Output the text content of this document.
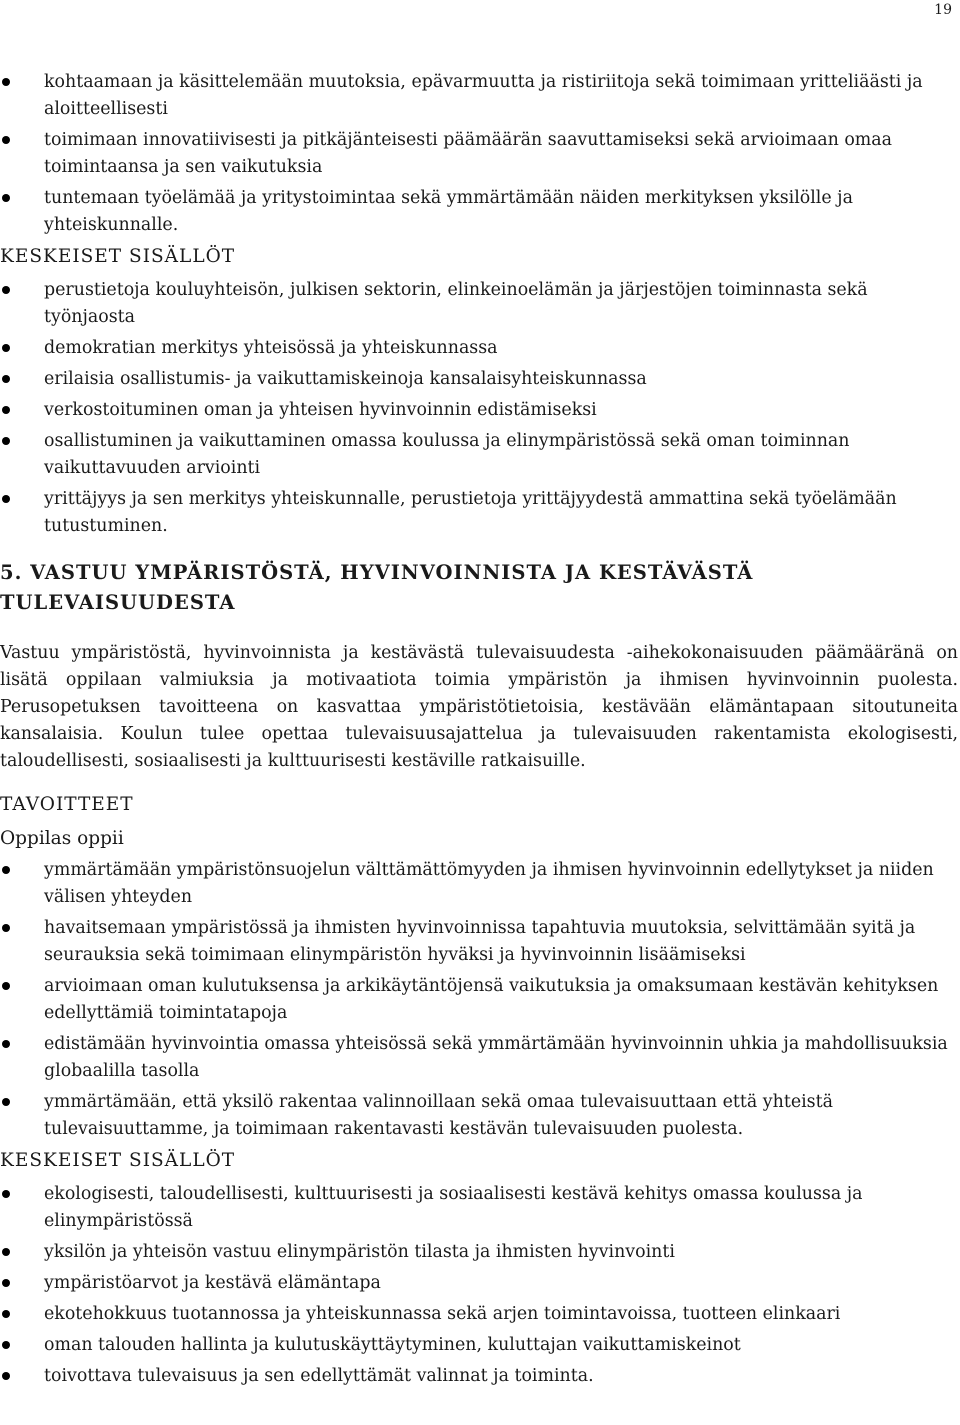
19
kohtaamaan ja käsittelemään muutoksia, epävarmuutta ja ristiriitoja sekä toimimaan yritteliäästi ja aloitteellisesti
toimimaan innovatiivisesti ja pitkäjänteisesti päämäärän saavuttamiseksi sekä arvioimaan omaa toimintaansa ja sen vaikutuksia
tuntemaan työelämää ja yritystoimintaa sekä ymmärtämään näiden merkityksen yksilölle ja yhteiskunnalle.
KESKEISET SISÄLLÖT
perustietoja kouluyhteisön, julkisen sektorin, elinkeinoelämän ja järjestöjen toiminnasta sekä työnjaosta
demokratian merkitys yhteisössä ja yhteiskunnassa
erilaisia osallistumis- ja vaikuttamiskeinoja kansalaisyhteiskunnassa
verkostoituminen oman ja yhteisen hyvinvoinnin edistämiseksi
osallistuminen ja vaikuttaminen omassa koulussa ja elinympäristössä sekä oman toiminnan vaikuttavuuden arviointi
yrittäjyys ja sen merkitys yhteiskunnalle, perustietoja yrittäjyydestä ammattina sekä työelämään tutustuminen.
5. VASTUU YMPÄRISTÖSTÄ, HYVINVOINNISTA JA KESTÄVÄSTÄ TULEVAISUUDESTA

Vastuu ympäristöstä, hyvinvoinnista ja kestävästä tulevaisuudesta -aihekokonaisuuden päämääränä on lisätä oppilaan valmiuksia ja motivaatiota toimia ympäristön ja ihmisen hyvinvoinnin puolesta. Perusopetuksen tavoitteena on kasvattaa ympäristötietoisia, kestävään elämäntapaan sitoutuneita kansalaisia. Koulun tulee opettaa tulevaisuusajattelua ja tulevaisuuden rakentamista ekologisesti, taloudellisesti, sosiaalisesti ja kulttuurisesti kestäville ratkaisuille.

TAVOITTEET
Oppilas oppii
ymmärtämään ympäristönsuojelun välttämättömyyden ja ihmisen hyvinvoinnin edellytykset ja niiden välisen yhteyden
havaitsemaan ympäristössä ja ihmisten hyvinvoinnissa tapahtuvia muutoksia, selvittämään syitä ja seurauksia sekä toimimaan elinympäristön hyväksi ja hyvinvoinnin lisäämiseksi
arvioimaan oman kulutuksensa ja arkikäytäntöjensä vaikutuksia ja omaksumaan kestävän kehityksen edellyttämiä toimintatapoja
edistämään hyvinvointia omassa yhteisössä sekä ymmärtämään hyvinvoinnin uhkia ja mahdollisuuksia globaalilla tasolla
ymmärtämään, että yksilö rakentaa valinnoillaan sekä omaa tulevaisuuttaan että yhteistä tulevaisuuttamme, ja toimimaan rakentavasti kestävän tulevaisuuden puolesta.
KESKEISET SISÄLLÖT
ekologisesti, taloudellisesti, kulttuurisesti ja sosiaalisesti kestävä kehitys omassa koulussa ja elinympäristössä
yksilön ja yhteisön vastuu elinympäristön tilasta ja ihmisten hyvinvointi
ympäristöarvot ja kestävä elämäntapa
ekotehokkuus tuotannossa ja yhteiskunnassa sekä arjen toimintavoissa, tuotteen elinkaari
oman talouden hallinta ja kulutuskäyttäytyminen, kuluttajan vaikuttamiskeinot
toivottava tulevaisuus ja sen edellyttämät valinnat ja toiminta.
